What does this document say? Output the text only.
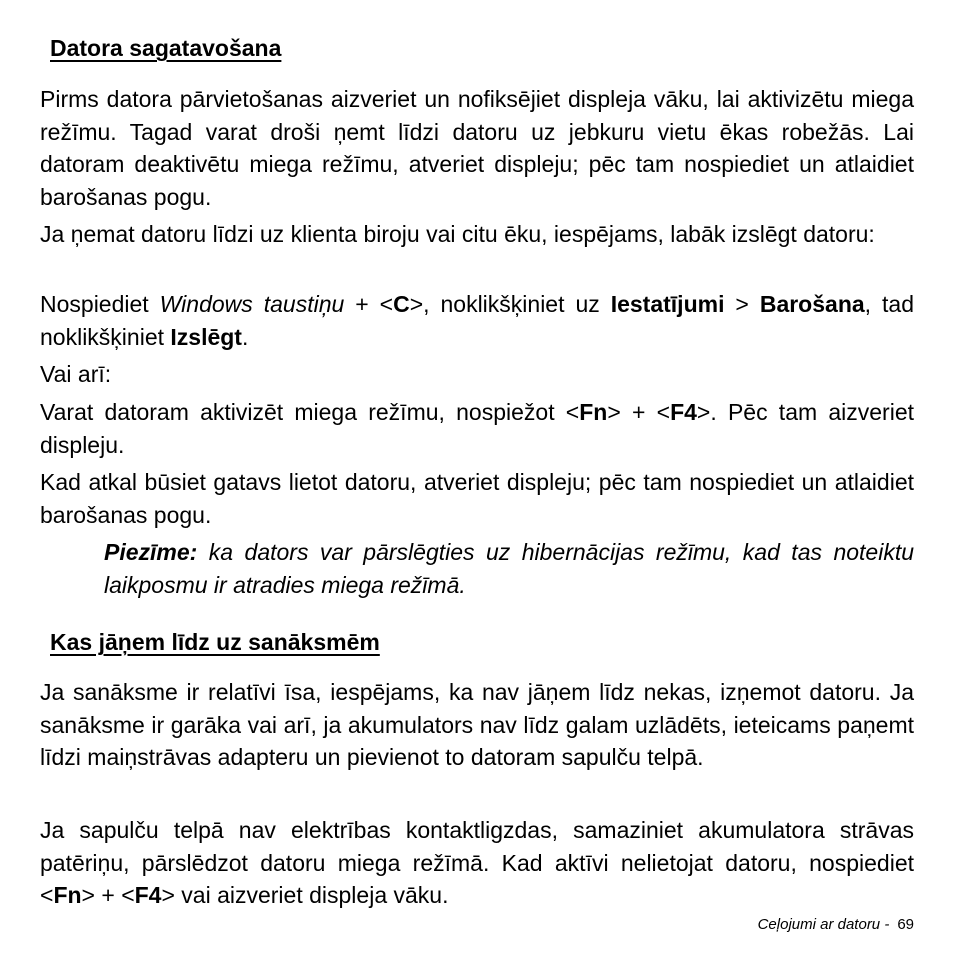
Datora sagatavošana

Pirms datora pārvietošanas aizveriet un nofiksējiet displeja vāku, lai aktivizētu miega režīmu. Tagad varat droši ņemt līdzi datoru uz jebkuru vietu ēkas robežās. Lai datoram deaktivētu miega režīmu, atveriet displeju; pēc tam nospiediet un atlaidiet barošanas pogu.

Ja ņemat datoru līdzi uz klienta biroju vai citu ēku, iespējams, labāk izslēgt datoru:

Nospiediet Windows taustiņu + <C>, noklikšķiniet uz Iestatījumi > Barošana, tad noklikšķiniet Izslēgt.

Vai arī:

Varat datoram aktivizēt miega režīmu, nospiežot <Fn> + <F4>. Pēc tam aizveriet displeju.

Kad atkal būsiet gatavs lietot datoru, atveriet displeju; pēc tam nospiediet un atlaidiet barošanas pogu.

Piezīme: ka dators var pārslēgties uz hibernācijas režīmu, kad tas noteiktu laikposmu ir atradies miega režīmā.

Kas jāņem līdz uz sanāksmēm

Ja sanāksme ir relatīvi īsa, iespējams, ka nav jāņem līdz nekas, izņemot datoru. Ja sanāksme ir garāka vai arī, ja akumulators nav līdz galam uzlādēts, ieteicams paņemt līdzi maiņstrāvas adapteru un pievienot to datoram sapulču telpā.

Ja sapulču telpā nav elektrības kontaktligzdas, samaziniet akumulatora strāvas patēriņu, pārslēdzot datoru miega režīmā. Kad aktīvi nelietojat datoru, nospiediet <Fn> + <F4> vai aizveriet displeja vāku.

Ceļojumi ar datoru - 69
